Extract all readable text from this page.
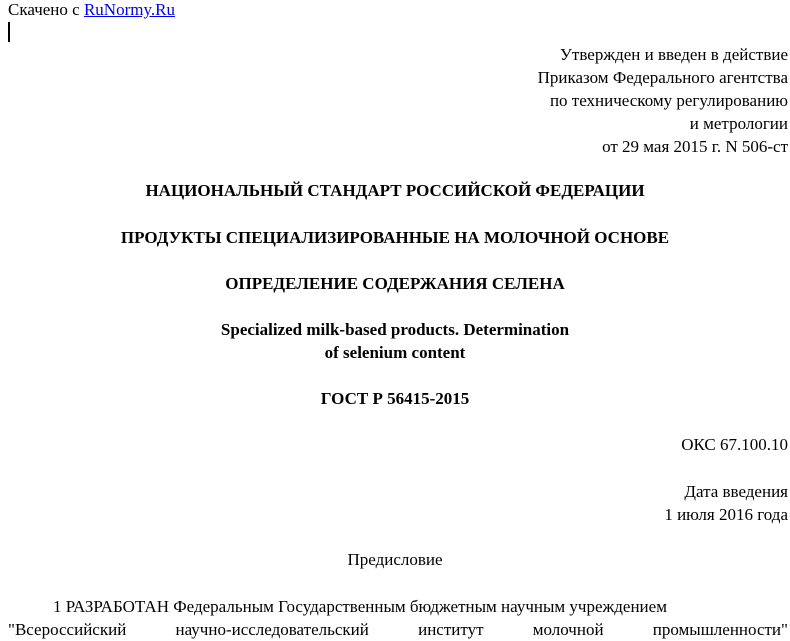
Скачено с RuNormy.Ru
Утвержден и введен в действие
Приказом Федерального агентства
по техническому регулированию
и метрологии
от 29 мая 2015 г. N 506-ст
НАЦИОНАЛЬНЫЙ СТАНДАРТ РОССИЙСКОЙ ФЕДЕРАЦИИ
ПРОДУКТЫ СПЕЦИАЛИЗИРОВАННЫЕ НА МОЛОЧНОЙ ОСНОВЕ
ОПРЕДЕЛЕНИЕ СОДЕРЖАНИЯ СЕЛЕНА
Specialized milk-based products. Determination
of selenium content
ГОСТ Р 56415-2015
ОКС 67.100.10
Дата введения
1 июля 2016 года
Предисловие
1 РАЗРАБОТАН Федеральным Государственным бюджетным научным учреждением
"Всероссийский	научно-исследовательский	институт	молочной	промышленности"
